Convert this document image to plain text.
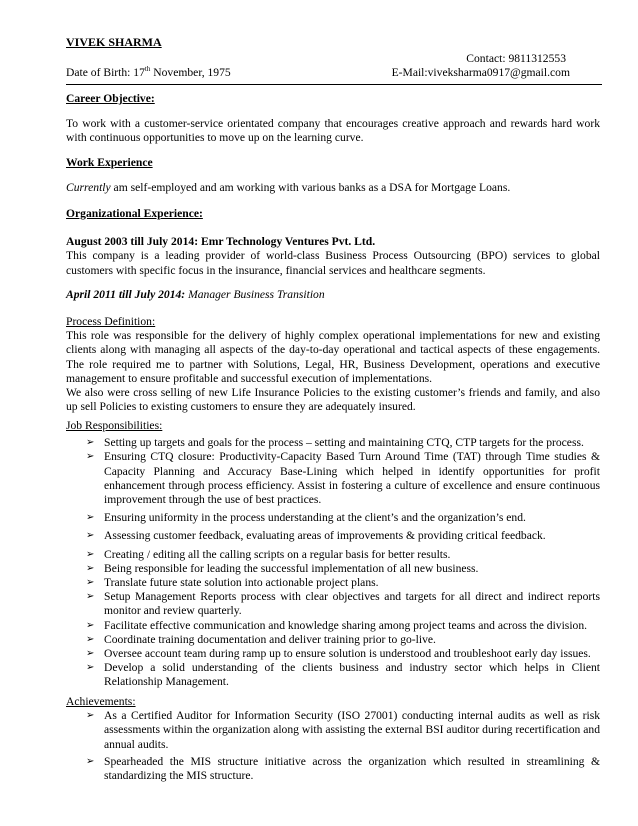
VIVEK SHARMA
Contact: 9811312553
Date of Birth: 17th November, 1975	E-Mail:viveksharma0917@gmail.com
Career Objective:
To work with a customer-service orientated company that encourages creative approach and rewards hard work with continuous opportunities to move up on the learning curve.
Work Experience
Currently am self-employed and am working with various banks as a DSA for Mortgage Loans.
Organizational Experience:
August 2003 till July 2014: Emr Technology Ventures Pvt. Ltd.
This company is a leading provider of world-class Business Process Outsourcing (BPO) services to global customers with specific focus in the insurance, financial services and healthcare segments.
April 2011 till July 2014: Manager Business Transition
Process Definition:
This role was responsible for the delivery of highly complex operational implementations for new and existing clients along with managing all aspects of the day-to-day operational and tactical aspects of these engagements. The role required me to partner with Solutions, Legal, HR, Business Development, operations and executive management to ensure profitable and successful execution of implementations.
We also were cross selling of new Life Insurance Policies to the existing customer’s friends and family, and also up sell Policies to existing customers to ensure they are adequately insured.
Job Responsibilities:
➢ Setting up targets and goals for the process – setting and maintaining CTQ, CTP targets for the process.
➢ Ensuring CTQ closure: Productivity-Capacity Based Turn Around Time (TAT) through Time studies & Capacity Planning and Accuracy Base-Lining which helped in identify opportunities for profit enhancement through process efficiency. Assist in fostering a culture of excellence and ensure continuous improvement through the use of best practices.
➢ Ensuring uniformity in the process understanding at the client’s and the organization’s end.
➢ Assessing customer feedback, evaluating areas of improvements & providing critical feedback.
➢ Creating / editing all the calling scripts on a regular basis for better results.
➢ Being responsible for leading the successful implementation of all new business.
➢ Translate future state solution into actionable project plans.
➢ Setup Management Reports process with clear objectives and targets for all direct and indirect reports monitor and review quarterly.
➢ Facilitate effective communication and knowledge sharing among project teams and across the division.
➢ Coordinate training documentation and deliver training prior to go-live.
➢ Oversee account team during ramp up to ensure solution is understood and troubleshoot early day issues.
➢ Develop a solid understanding of the clients business and industry sector which helps in Client Relationship Management.
Achievements:
➢ As a Certified Auditor for Information Security (ISO 27001) conducting internal audits as well as risk assessments within the organization along with assisting the external BSI auditor during recertification and annual audits.
➢ Spearheaded the MIS structure initiative across the organization which resulted in streamlining & standardizing the MIS structure.
